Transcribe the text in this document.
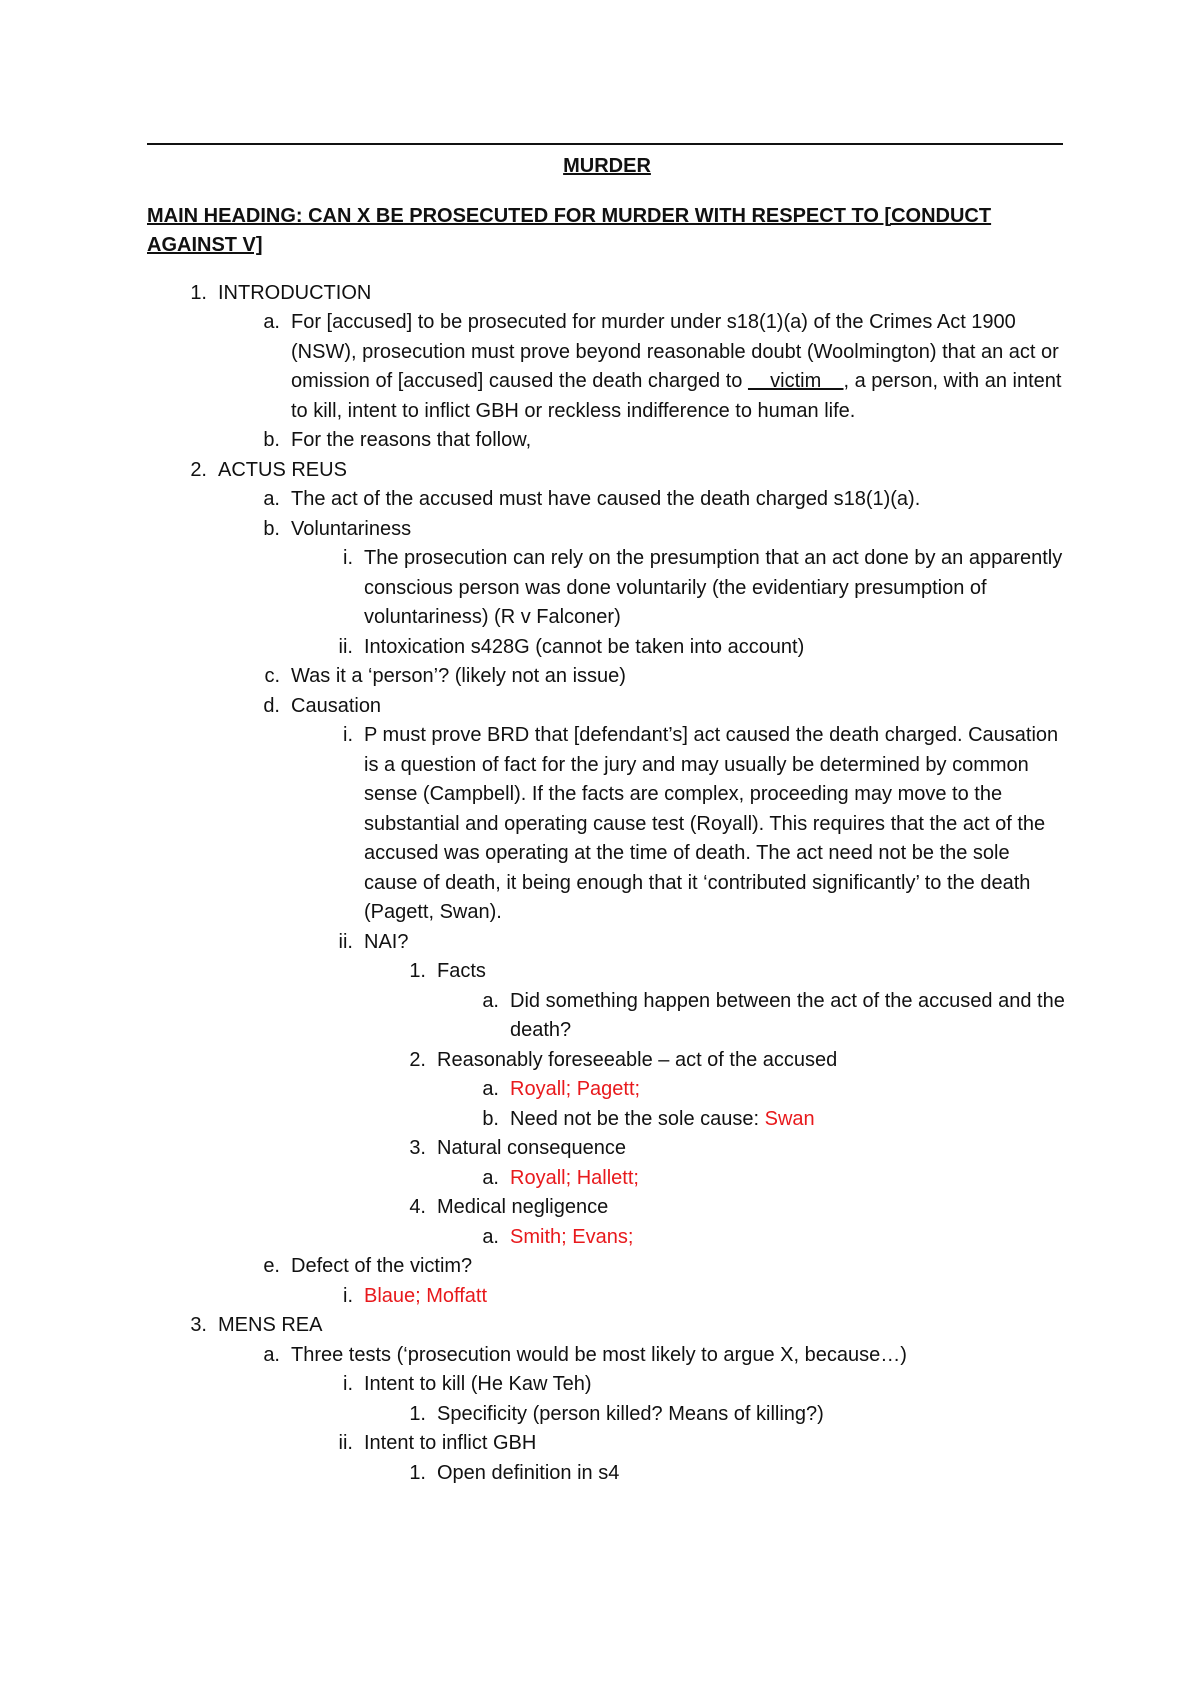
MURDER
MAIN HEADING: CAN X BE PROSECUTED FOR MURDER WITH RESPECT TO [CONDUCT AGAINST V]
1. INTRODUCTION
a. For [accused] to be prosecuted for murder under s18(1)(a) of the Crimes Act 1900 (NSW), prosecution must prove beyond reasonable doubt (Woolmington) that an act or omission of [accused] caused the death charged to     victim    , a person, with an intent to kill, intent to inflict GBH or reckless indifference to human life.
b. For the reasons that follow,
2. ACTUS REUS
a. The act of the accused must have caused the death charged s18(1)(a).
b. Voluntariness
i. The prosecution can rely on the presumption that an act done by an apparently conscious person was done voluntarily (the evidentiary presumption of voluntariness) (R v Falconer)
ii. Intoxication s428G (cannot be taken into account)
c. Was it a ‘person’? (likely not an issue)
d. Causation
i. P must prove BRD that [defendant’s] act caused the death charged. Causation is a question of fact for the jury and may usually be determined by common sense (Campbell). If the facts are complex, proceeding may move to the substantial and operating cause test (Royall). This requires that the act of the accused was operating at the time of death. The act need not be the sole cause of death, it being enough that it ‘contributed significantly’ to the death (Pagett, Swan).
ii. NAI?
1. Facts
a. Did something happen between the act of the accused and the death?
2. Reasonably foreseeable – act of the accused
a. Royall; Pagett;
b. Need not be the sole cause: Swan
3. Natural consequence
a. Royall; Hallett;
4. Medical negligence
a. Smith; Evans;
e. Defect of the victim?
i. Blaue; Moffatt
3. MENS REA
a. Three tests (‘prosecution would be most likely to argue X, because…)
i. Intent to kill (He Kaw Teh)
1. Specificity (person killed? Means of killing?)
ii. Intent to inflict GBH
1. Open definition in s4
